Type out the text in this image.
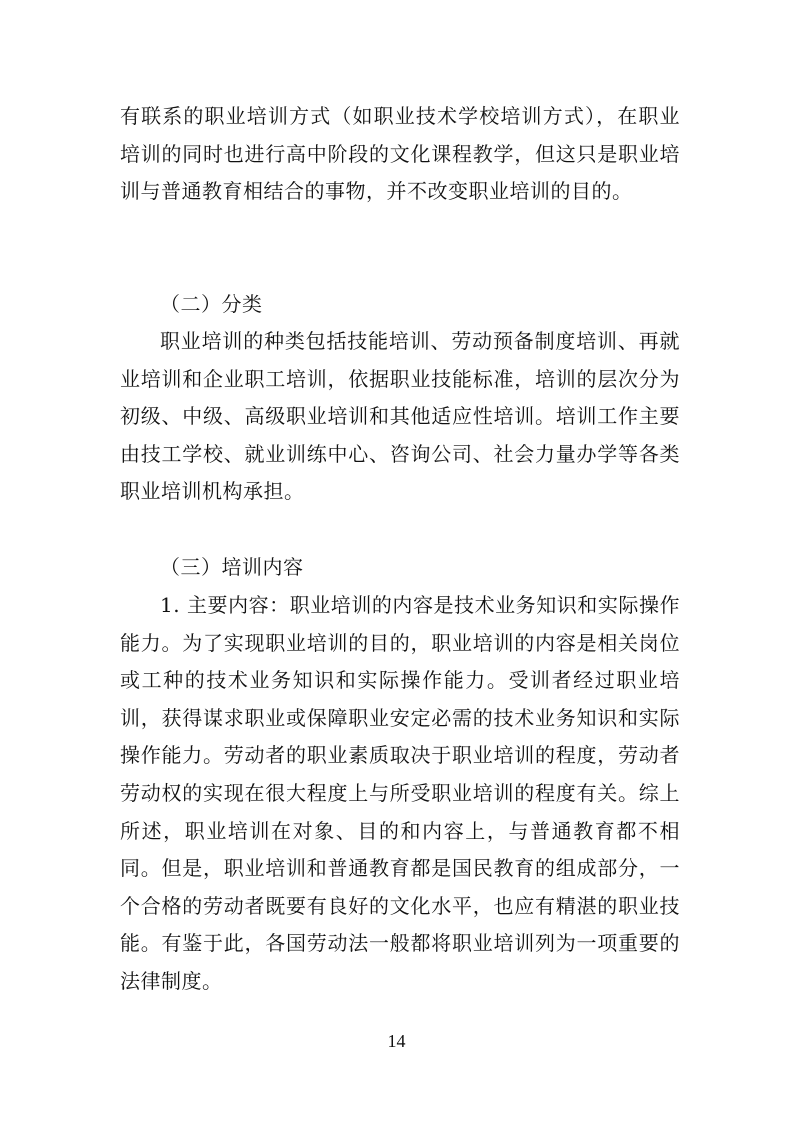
有联系的职业培训方式（如职业技术学校培训方式），在职业培训的同时也进行高中阶段的文化课程教学，但这只是职业培训与普通教育相结合的事物，并不改变职业培训的目的。

（二）分类

职业培训的种类包括技能培训、劳动预备制度培训、再就业培训和企业职工培训，依据职业技能标准，培训的层次分为初级、中级、高级职业培训和其他适应性培训。培训工作主要由技工学校、就业训练中心、咨询公司、社会力量办学等各类职业培训机构承担。

（三）培训内容

1. 主要内容：职业培训的内容是技术业务知识和实际操作能力。为了实现职业培训的目的，职业培训的内容是相关岗位或工种的技术业务知识和实际操作能力。受训者经过职业培训，获得谋求职业或保障职业安定必需的技术业务知识和实际操作能力。劳动者的职业素质取决于职业培训的程度，劳动者劳动权的实现在很大程度上与所受职业培训的程度有关。综上所述，职业培训在对象、目的和内容上，与普通教育都不相同。但是，职业培训和普通教育都是国民教育的组成部分，一个合格的劳动者既要有良好的文化水平，也应有精湛的职业技能。有鉴于此，各国劳动法一般都将职业培训列为一项重要的法律制度。

14
